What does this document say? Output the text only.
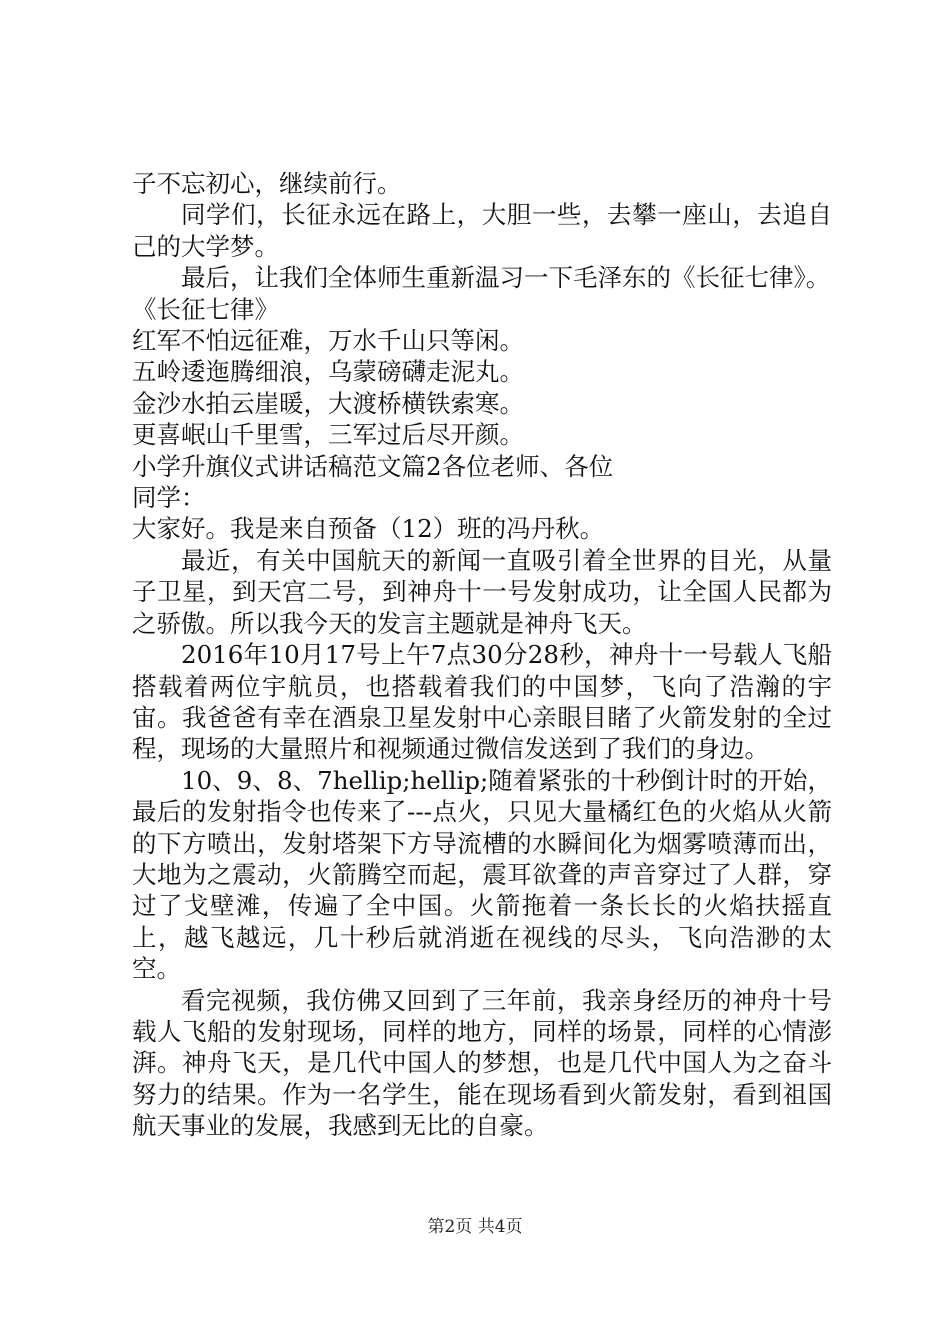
子不忘初心，继续前行。

同学们，长征永远在路上，大胆一些，去攀一座山，去追自己的大学梦。

最后，让我们全体师生重新温习一下毛泽东的《长征七律》。

《长征七律》

红军不怕远征难，万水千山只等闲。

五岭逶迤腾细浪，乌蒙磅礴走泥丸。

金沙水拍云崖暖，大渡桥横铁索寒。

更喜岷山千里雪，三军过后尽开颜。

小学升旗仪式讲话稿范文篇2各位老师、各位

同学：

大家好。我是来自预备（12）班的冯丹秋。

最近，有关中国航天的新闻一直吸引着全世界的目光，从量子卫星，到天宫二号，到神舟十一号发射成功，让全国人民都为之骄傲。所以我今天的发言主题就是神舟飞天。

2016年10月17号上午7点30分28秒，神舟十一号载人飞船搭载着两位宇航员，也搭载着我们的中国梦，飞向了浩瀚的宇宙。我爸爸有幸在酒泉卫星发射中心亲眼目睹了火箭发射的全过程，现场的大量照片和视频通过微信发送到了我们的身边。

10、9、8、7hellip;hellip;随着紧张的十秒倒计时的开始，最后的发射指令也传来了---点火，只见大量橘红色的火焰从火箭的下方喷出，发射塔架下方导流槽的水瞬间化为烟雾喷薄而出，大地为之震动，火箭腾空而起，震耳欲聋的声音穿过了人群，穿过了戈壁滩，传遍了全中国。火箭拖着一条长长的火焰扶摇直上，越飞越远，几十秒后就消逝在视线的尽头，飞向浩渺的太空。

看完视频，我仿佛又回到了三年前，我亲身经历的神舟十号载人飞船的发射现场，同样的地方，同样的场景，同样的心情澎湃。神舟飞天，是几代中国人的梦想，也是几代中国人为之奋斗努力的结果。作为一名学生，能在现场看到火箭发射，看到祖国航天事业的发展，我感到无比的自豪。

第2页 共4页
